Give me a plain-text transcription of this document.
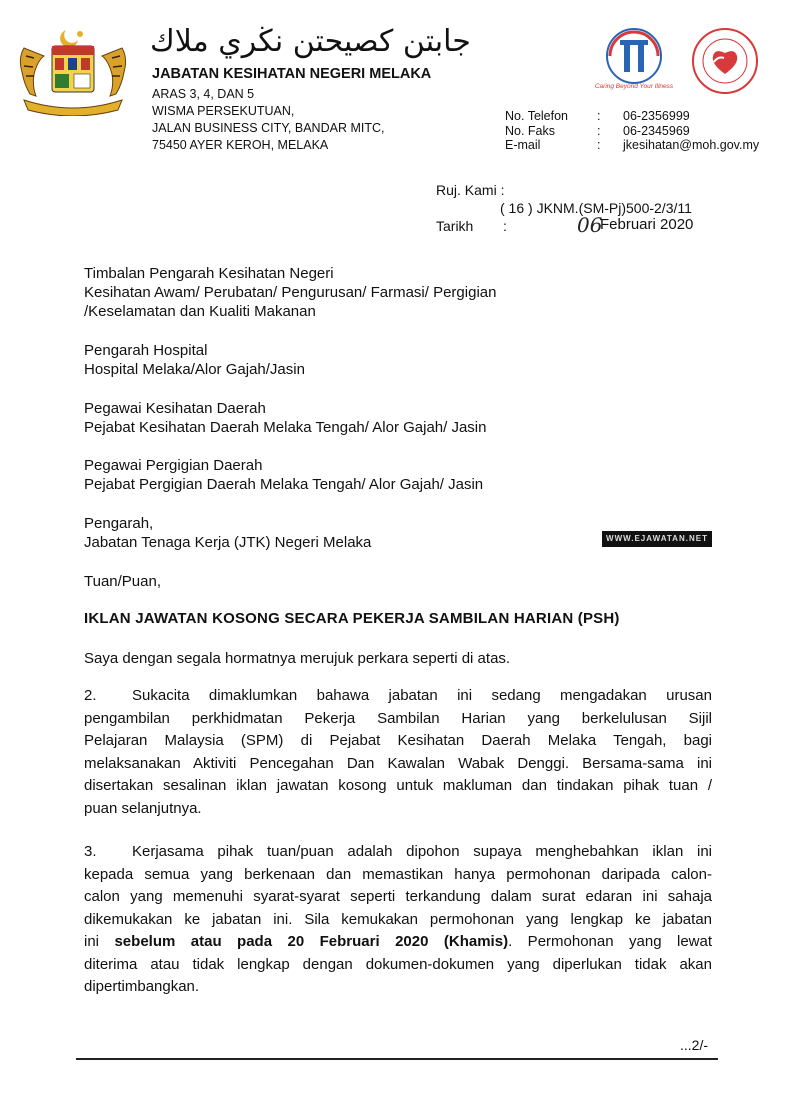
جابتن كصيحتن نڬري ملاك
JABATAN KESIHATAN NEGERI MELAKA
ARAS 3, 4, DAN 5
WISMA PERSEKUTUAN,
JALAN BUSINESS CITY, BANDAR MITC,
75450 AYER KEROH, MELAKA
Caring Beyond Your Illness
No. Telefon	:	06-2356999
No. Faks	:	06-2345969
E-mail	:	jkesihatan@moh.gov.my
Ruj. Kami :
( 16 ) JKNM.(SM-Pj)500-2/3/11
Tarikh :	06
Februari 2020
Timbalan Pengarah Kesihatan Negeri
Kesihatan Awam/ Perubatan/ Pengurusan/ Farmasi/ Pergigian
/Keselamatan dan Kualiti Makanan
Pengarah Hospital
Hospital Melaka/Alor Gajah/Jasin
Pegawai Kesihatan Daerah
Pejabat Kesihatan Daerah Melaka Tengah/ Alor Gajah/ Jasin
Pegawai Pergigian Daerah
Pejabat Pergigian Daerah Melaka Tengah/ Alor Gajah/ Jasin
Pengarah,
Jabatan Tenaga Kerja (JTK) Negeri Melaka	WWW.EJAWATAN.NET
Tuan/Puan,
IKLAN JAWATAN KOSONG SECARA PEKERJA SAMBILAN HARIAN (PSH)
Saya dengan segala hormatnya merujuk perkara seperti di atas.
2. Sukacita dimaklumkan bahawa jabatan ini sedang mengadakan urusan
pengambilan perkhidmatan Pekerja Sambilan Harian yang berkelulusan Sijil
Pelajaran Malaysia (SPM) di Pejabat Kesihatan Daerah Melaka Tengah, bagi
melaksanakan Aktiviti Pencegahan Dan Kawalan Wabak Denggi. Bersama-sama ini
disertakan sesalinan iklan jawatan kosong untuk makluman dan tindakan pihak tuan /
puan selanjutnya.
3. Kerjasama pihak tuan/puan adalah dipohon supaya menghebahkan iklan ini
kepada semua yang berkenaan dan memastikan hanya permohonan daripada calon-
calon yang memenuhi syarat-syarat seperti terkandung dalam surat edaran ini sahaja
dikemukakan ke jabatan ini. Sila kemukakan permohonan yang lengkap ke jabatan
ini sebelum atau pada 20 Februari 2020 (Khamis). Permohonan yang lewat
diterima atau tidak lengkap dengan dokumen-dokumen yang diperlukan tidak akan
dipertimbangkan.
...2/-
